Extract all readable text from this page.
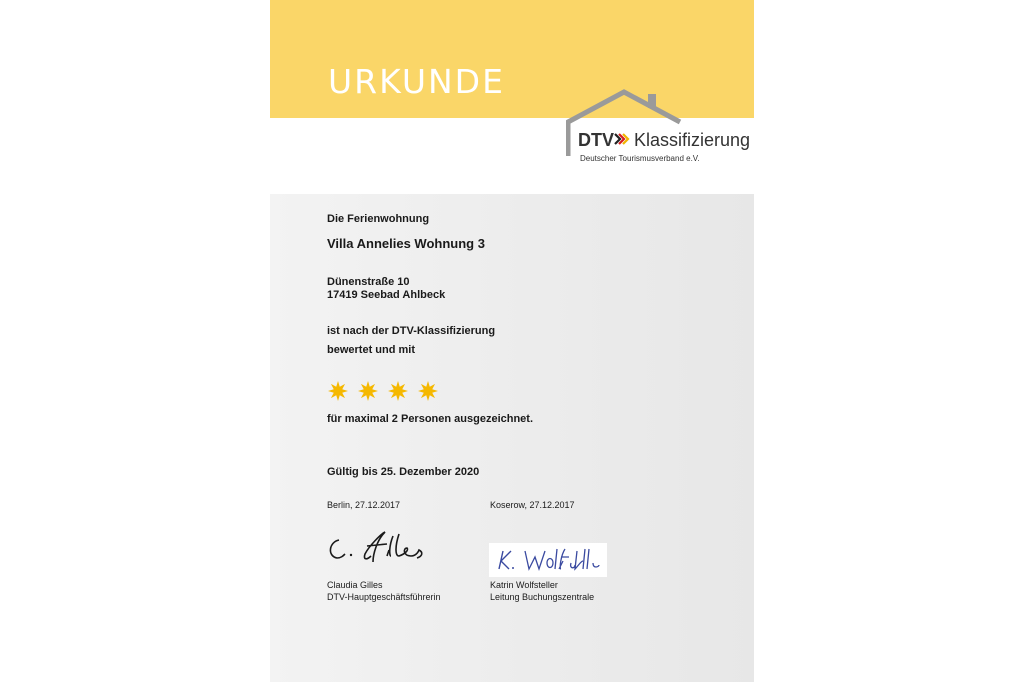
URKUNDE
DTV Klassifizierung
Deutscher Tourismusverband e.V.
Die Ferienwohnung
Villa Annelies Wohnung 3
Dünenstraße 10
17419 Seebad Ahlbeck
ist nach der DTV-Klassifizierung
bewertet und mit
für maximal 2 Personen ausgezeichnet.
Gültig bis 25. Dezember 2020
Berlin, 27.12.2017	Koserow, 27.12.2017
Claudia Gilles
DTV-Hauptgeschäftsführerin
Katrin Wolfsteller
Leitung Buchungszentrale
